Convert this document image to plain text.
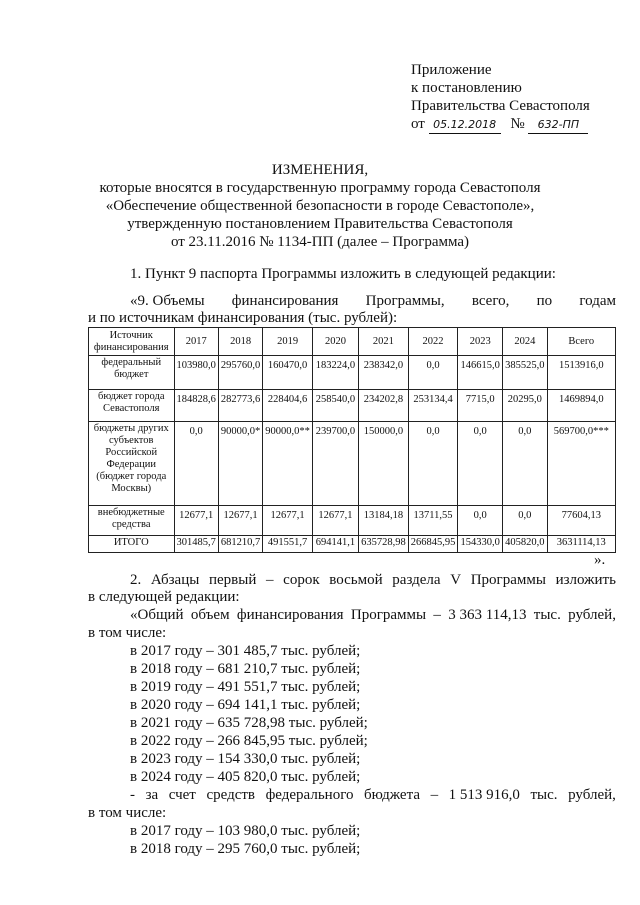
Приложение
к постановлению
Правительства Севастополя
от 05.12.2018 № 632-ПП
ИЗМЕНЕНИЯ,
которые вносятся в государственную программу города Севастополя
«Обеспечение общественной безопасности в городе Севастополе»,
утвержденную постановлением Правительства Севастополя
от 23.11.2016 № 1134-ПП (далее – Программа)
1. Пункт 9 паспорта Программы изложить в следующей редакции:
«9. Объемы финансирования Программы, всего, по годам
и по источникам финансирования (тыс. рублей):
Источник финансирования	2017	2018	2019	2020	2021	2022	2023	2024	Всего
федеральный бюджет	103980,0	295760,0	160470,0	183224,0	238342,0	0,0	146615,0	385525,0	1513916,0
бюджет города Севастополя	184828,6	282773,6	228404,6	258540,0	234202,8	253134,4	7715,0	20295,0	1469894,0
бюджеты других субъектов Российской Федерации (бюджет города Москвы)	0,0	90000,0*	90000,0**	239700,0	150000,0	0,0	0,0	0,0	569700,0***
внебюджетные средства	12677,1	12677,1	12677,1	12677,1	13184,18	13711,55	0,0	0,0	77604,13
ИТОГО	301485,7	681210,7	491551,7	694141,1	635728,98	266845,95	154330,0	405820,0	3631114,13
».
2. Абзацы первый – сорок восьмой раздела V Программы изложить
в следующей редакции:
«Общий объем финансирования Программы – 3 363 114,13 тыс. рублей,
в том числе:
в 2017 году – 301 485,7 тыс. рублей;
в 2018 году – 681 210,7 тыс. рублей;
в 2019 году – 491 551,7 тыс. рублей;
в 2020 году – 694 141,1 тыс. рублей;
в 2021 году – 635 728,98 тыс. рублей;
в 2022 году – 266 845,95 тыс. рублей;
в 2023 году – 154 330,0 тыс. рублей;
в 2024 году – 405 820,0 тыс. рублей;
- за счет средств федерального бюджета – 1 513 916,0 тыс. рублей,
в том числе:
в 2017 году – 103 980,0 тыс. рублей;
в 2018 году – 295 760,0 тыс. рублей;
